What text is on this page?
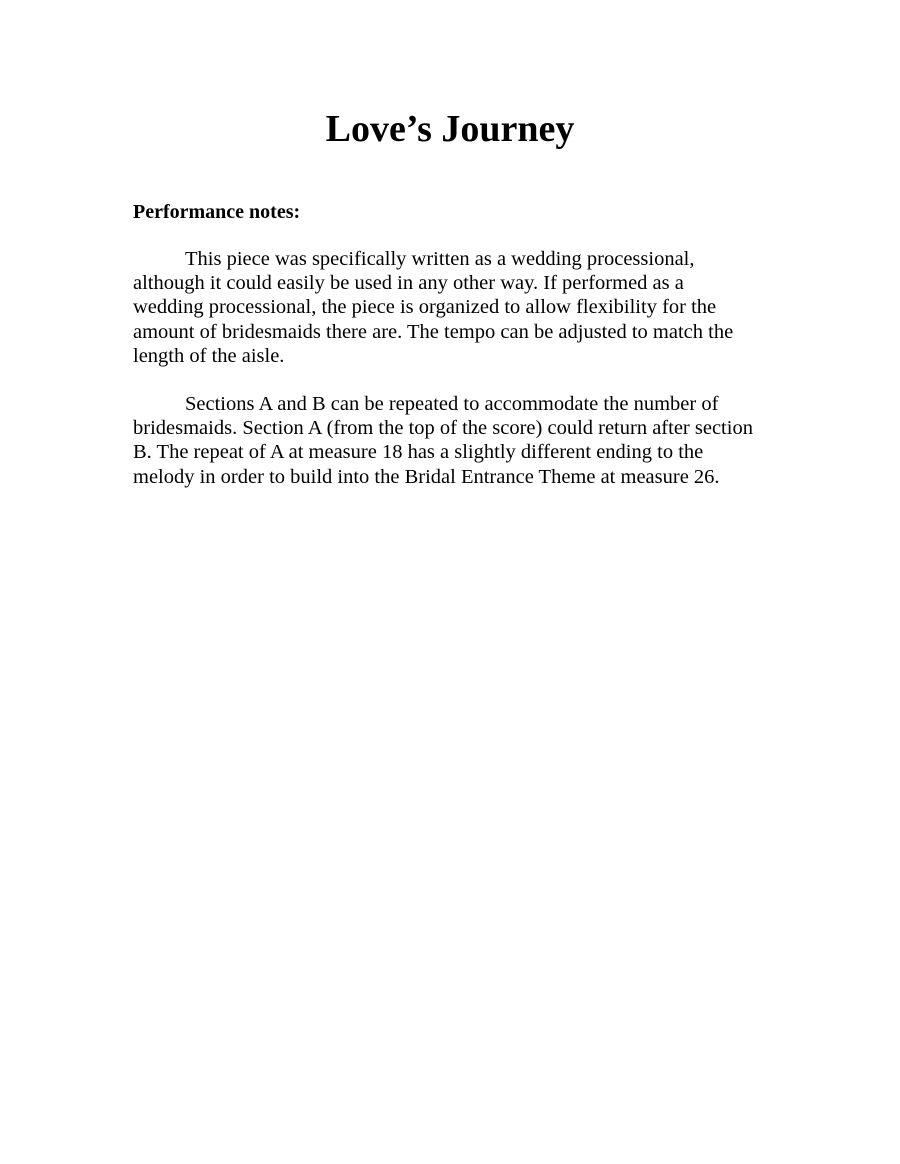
Love’s Journey

Performance notes:

This piece was specifically written as a wedding processional, although it could easily be used in any other way. If performed as a wedding processional, the piece is organized to allow flexibility for the amount of bridesmaids there are. The tempo can be adjusted to match the length of the aisle.

Sections A and B can be repeated to accommodate the number of bridesmaids. Section A (from the top of the score) could return after section B. The repeat of A at measure 18 has a slightly different ending to the melody in order to build into the Bridal Entrance Theme at measure 26.
